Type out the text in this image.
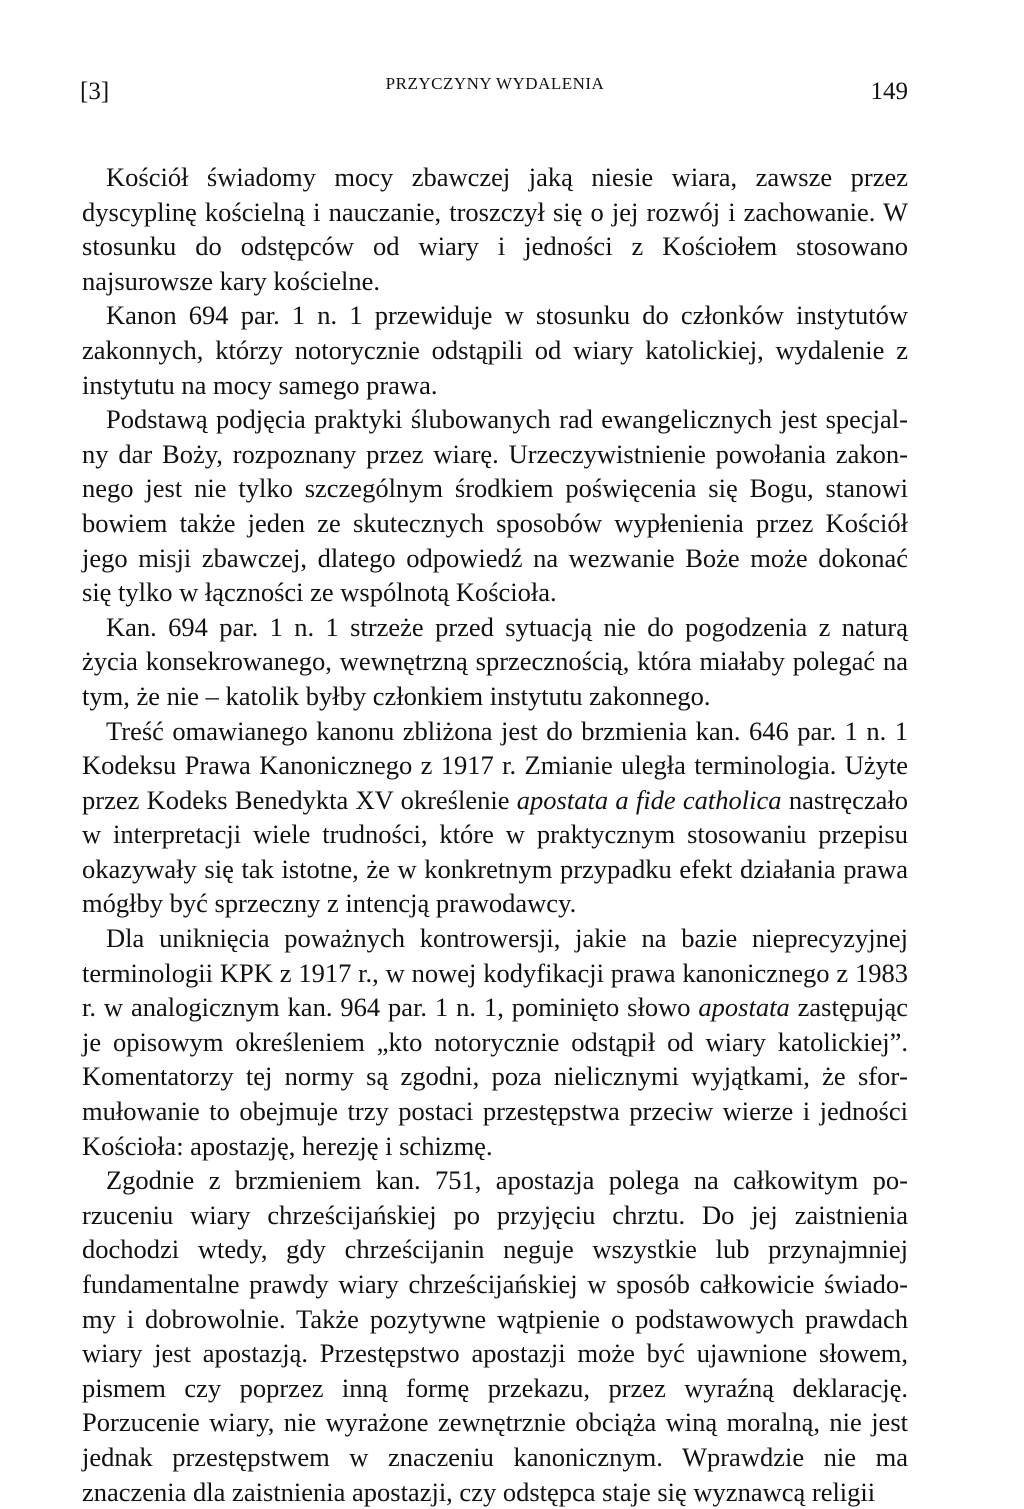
[3]	PRZYCZYNY WYDALENIA	149

Kościół świadomy mocy zbawczej jaką niesie wiara, zawsze przez dyscyplinę kościelną i nauczanie, troszczył się o jej rozwój i zachowanie. W stosunku do odstępców od wiary i jedności z Kościołem stosowano najsurowsze kary kościelne.

Kanon 694 par. 1 n. 1 przewiduje w stosunku do członków instytutów zakonnych, którzy notorycznie odstąpili od wiary katolickiej, wydalenie z instytutu na mocy samego prawa.

Podstawą podjęcia praktyki ślubowanych rad ewangelicznych jest specjalny dar Boży, rozpoznany przez wiarę. Urzeczywistnienie powołania zakonnego jest nie tylko szczególnym środkiem poświęcenia się Bogu, stanowi bowiem także jeden ze skutecznych sposobów wypłenienia przez Kościół jego misji zbawczej, dlatego odpowiedź na wezwanie Boże może dokonać się tylko w łączności ze wspólnotą Kościoła.

Kan. 694 par. 1 n. 1 strzeże przed sytuacją nie do pogodzenia z naturą życia konsekrowanego, wewnętrzną sprzecznością, która miałaby polegać na tym, że nie – katolik byłby członkiem instytutu zakonnego.

Treść omawianego kanonu zbliżona jest do brzmienia kan. 646 par. 1 n. 1 Kodeksu Prawa Kanonicznego z 1917 r. Zmianie uległa terminologia. Użyte przez Kodeks Benedykta XV określenie apostata a fide catholica nastręczało w interpretacji wiele trudności, które w praktycznym stosowaniu przepisu okazywały się tak istotne, że w konkretnym przypadku efekt działania prawa mógłby być sprzeczny z intencją prawodawcy.

Dla uniknięcia poważnych kontrowersji, jakie na bazie nieprecyzyjnej terminologii KPK z 1917 r., w nowej kodyfikacji prawa kanonicznego z 1983 r. w analogicznym kan. 964 par. 1 n. 1, pominięto słowo apostata zastępując je opisowym określeniem „kto notorycznie odstąpił od wiary katolickiej”. Komentatorzy tej normy są zgodni, poza nielicznymi wyjątkami, że sformułowanie to obejmuje trzy postaci przestępstwa przeciw wierze i jedności Kościoła: apostazję, herezję i schizmę.

Zgodnie z brzmieniem kan. 751, apostazja polega na całkowitym porzuceniu wiary chrześcijańskiej po przyjęciu chrztu. Do jej zaistnienia dochodzi wtedy, gdy chrześcijanin neguje wszystkie lub przynajmniej fundamentalne prawdy wiary chrześcijańskiej w sposób całkowicie świadomy i dobrowolnie. Także pozytywne wątpienie o podstawowych prawdach wiary jest apostazją. Przestępstwo apostazji może być ujawnione słowem, pismem czy poprzez inną formę przekazu, przez wyraźną deklarację. Porzucenie wiary, nie wyrażone zewnętrznie obciąża winą moralną, nie jest jednak przestępstwem w znaczeniu kanonicznym. Wprawdzie nie ma znaczenia dla zaistnienia apostazji, czy odstępca staje się wyznawcą religii
